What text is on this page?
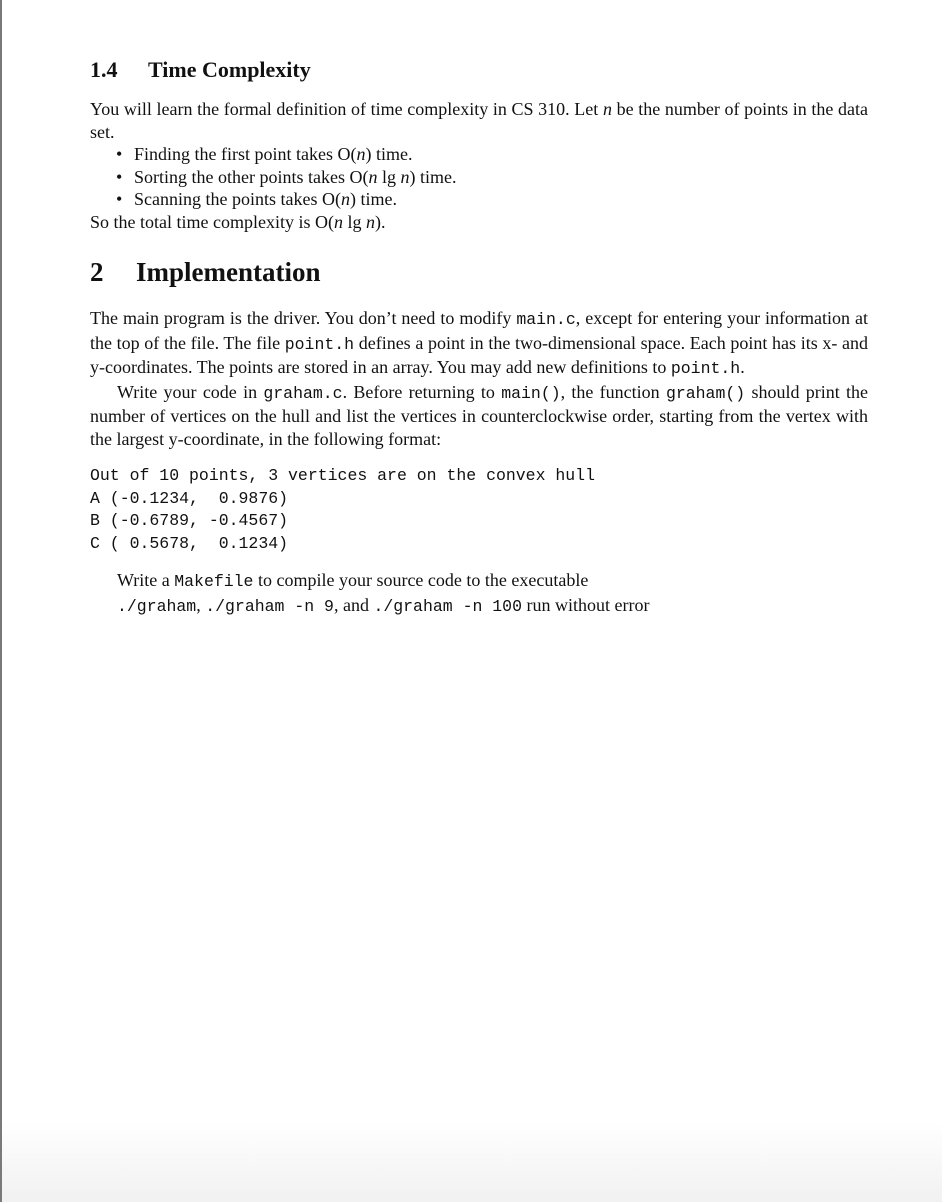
1.4 Time Complexity

You will learn the formal definition of time complexity in CS 310. Let n be the number of points in the data set.

• Finding the first point takes O(n) time.
• Sorting the other points takes O(n lg n) time.
• Scanning the points takes O(n) time.

So the total time complexity is O(n lg n).

2 Implementation

The main program is the driver. You don’t need to modify main.c, except for entering your information at the top of the file. The file point.h defines a point in the two-dimensional space. Each point has its x- and y-coordinates. The points are stored in an array. You may add new definitions to point.h.

Write your code in graham.c. Before returning to main(), the function graham() should print the number of vertices on the hull and list the vertices in counterclockwise order, starting from the vertex with the largest y-coordinate, in the following format:

Out of 10 points, 3 vertices are on the convex hull
A (-0.1234,  0.9876)
B (-0.6789, -0.4567)
C ( 0.5678,  0.1234)

Write a Makefile to compile your source code to the executable
./graham, ./graham -n 9, and ./graham -n 100 run without error
